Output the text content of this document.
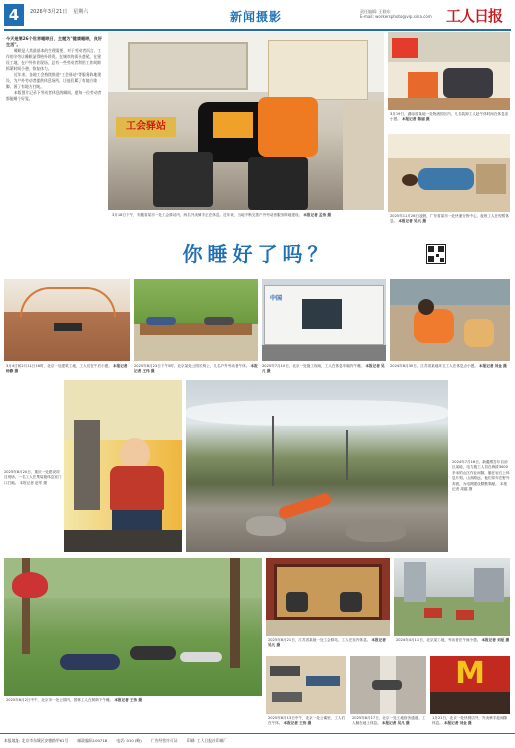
4	2026年3月21日 星期六	新闻摄影	责任编辑: 王晓东
E-mail: workersphoto@vip.sina.com 工人日报
今天是第26个世界睡眠日，主题为"健康睡眠，良好生活"。

睡眠是人类最基本的生理需要，对于劳动者而言，工作的辛劳让睡眠显得格外珍贵。在城市的街头巷尾，在建设工地，在户外作业现场，总有一些劳动者利用工作间隙抓紧时间小憩，恢复体力。

近年来，各地工会持续推进"工会驿站"等服务阵地建设，为户外劳动者提供休息场所，让他们累了有地方歇脚、困了有地方打盹。

本版图片记录下劳动者休息的瞬间，愿每一位劳动者都能睡个好觉。

工会驿站
3月18日下午，安徽省某市一处工会驿站内，两名外卖骑手正在休息。近年来，当地不断完善户外劳动者服务阵地建设。 本报记者 孟伟 摄
3月19日，湖南省某地一处物流园区内，几名装卸工人趁午休时间在休息室小憩。 本报记者 陈丽 摄
2025年11月26日凌晨，广东省某市一处快递分拣中心，夜班工人在短暂休息。 本报记者 吴凡 摄
你睡好了吗？
中国
3月4日和2月11日16时，北京一处建筑工地，工人们在午后小憩。 本报记者 杨静 摄
2025年8月23日下午5时，北京某处公园长椅上，几名户外劳动者午休。 本报记者 王伟 摄
2025年7月10日，北京一处施工现场，工人在休息车厢内午睡。 本报记者 吴凡 摄
2024年8月30日，江苏省某地环卫工人在休息点小憩。 本报记者 刘金 摄
2025年8月20日，重庆一处建设项目现场，一名工人在集装箱休息室门口打盹。 本报记者 赵军 摄
2024年7月16日，新疆维吾尔自治区某地，电力施工人员在海拔3000多米的山区作业间隙，躺在岩石上休息片刻。山高路远，他们常年在野外奔波，为电网建设默默奉献。 本报记者 周越 摄
2025年8月2日中午，北京市一处公园内，园林工人在树荫下午睡。 本报记者 王伟 摄
2025年8月21日，江苏省某地一处工会驿站，工人在室内休息。 本报记者 吴凡 摄
2024年4月11日，北京某工地，劳动者在午间小憩。 本报记者 刘星 摄
M
2025年8月13日中午，北京一处公寓里，工人们在午休。 本报记者 王伟 摄
2025年8月17日，北京一处工地宿舍通道，工人躺在地上休息。 本报记者 吴凡 摄
1月21日，北京一处快餐店外，外卖骑手趁间隙休息。 本报记者 刘金 摄
本报地址: 北京市东城区安德路甲61号 邮政编码100718 电话: 010 (略) 广告经营许可证 印刷: 工人日报社印刷厂
